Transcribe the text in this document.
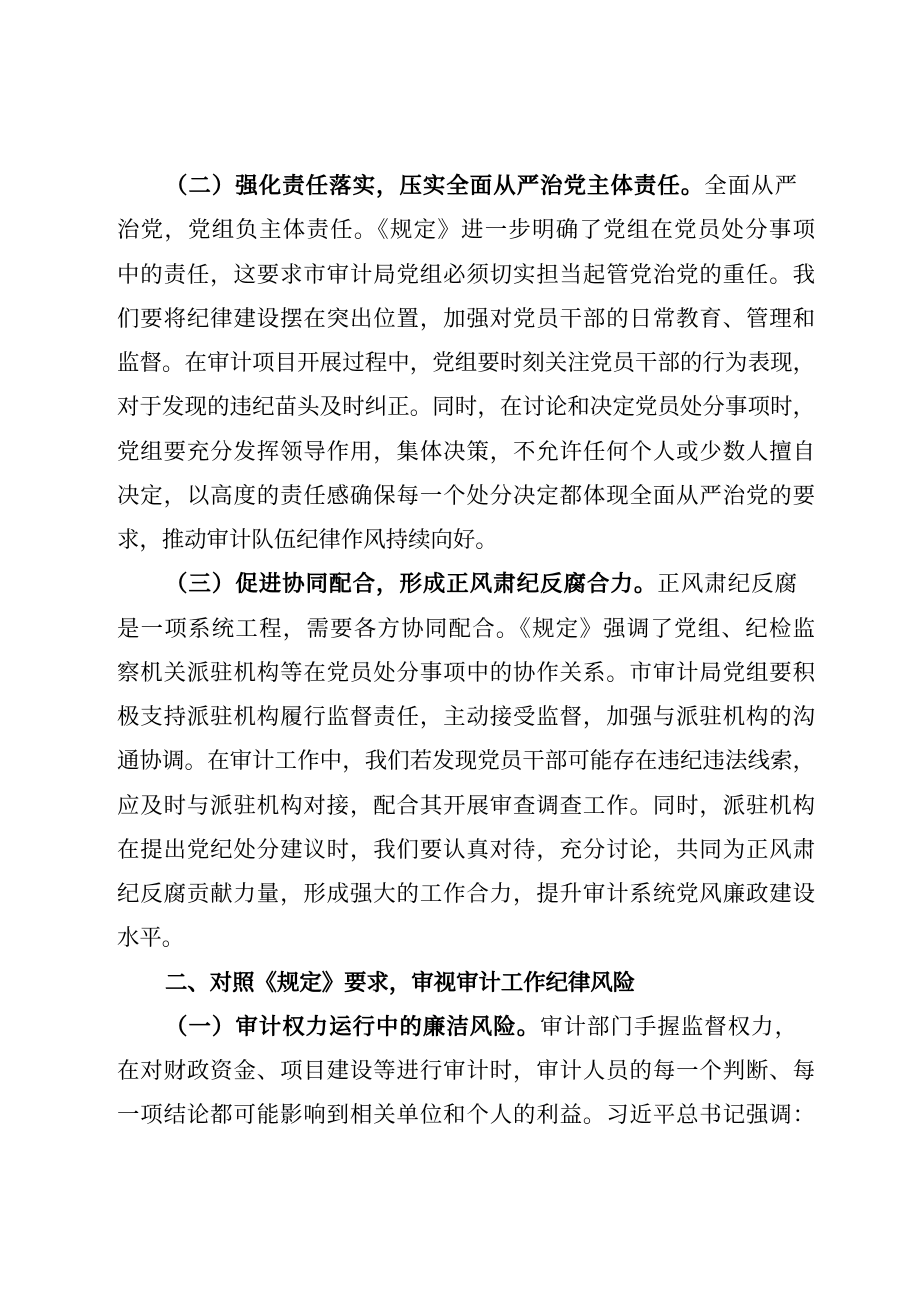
（二）强化责任落实，压实全面从严治党主体责任。全面从严
治党，党组负主体责任。《规定》进一步明确了党组在党员处分事项
中的责任，这要求市审计局党组必须切实担当起管党治党的重任。我
们要将纪律建设摆在突出位置，加强对党员干部的日常教育、管理和
监督。在审计项目开展过程中，党组要时刻关注党员干部的行为表现，
对于发现的违纪苗头及时纠正。同时，在讨论和决定党员处分事项时，
党组要充分发挥领导作用，集体决策，不允许任何个人或少数人擅自
决定，以高度的责任感确保每一个处分决定都体现全面从严治党的要
求，推动审计队伍纪律作风持续向好。
（三）促进协同配合，形成正风肃纪反腐合力。正风肃纪反腐
是一项系统工程，需要各方协同配合。《规定》强调了党组、纪检监
察机关派驻机构等在党员处分事项中的协作关系。市审计局党组要积
极支持派驻机构履行监督责任，主动接受监督，加强与派驻机构的沟
通协调。在审计工作中，我们若发现党员干部可能存在违纪违法线索，
应及时与派驻机构对接，配合其开展审查调查工作。同时，派驻机构
在提出党纪处分建议时，我们要认真对待，充分讨论，共同为正风肃
纪反腐贡献力量，形成强大的工作合力，提升审计系统党风廉政建设
水平。
二、对照《规定》要求，审视审计工作纪律风险
（一）审计权力运行中的廉洁风险。审计部门手握监督权力，
在对财政资金、项目建设等进行审计时，审计人员的每一个判断、每
一项结论都可能影响到相关单位和个人的利益。习近平总书记强调：
